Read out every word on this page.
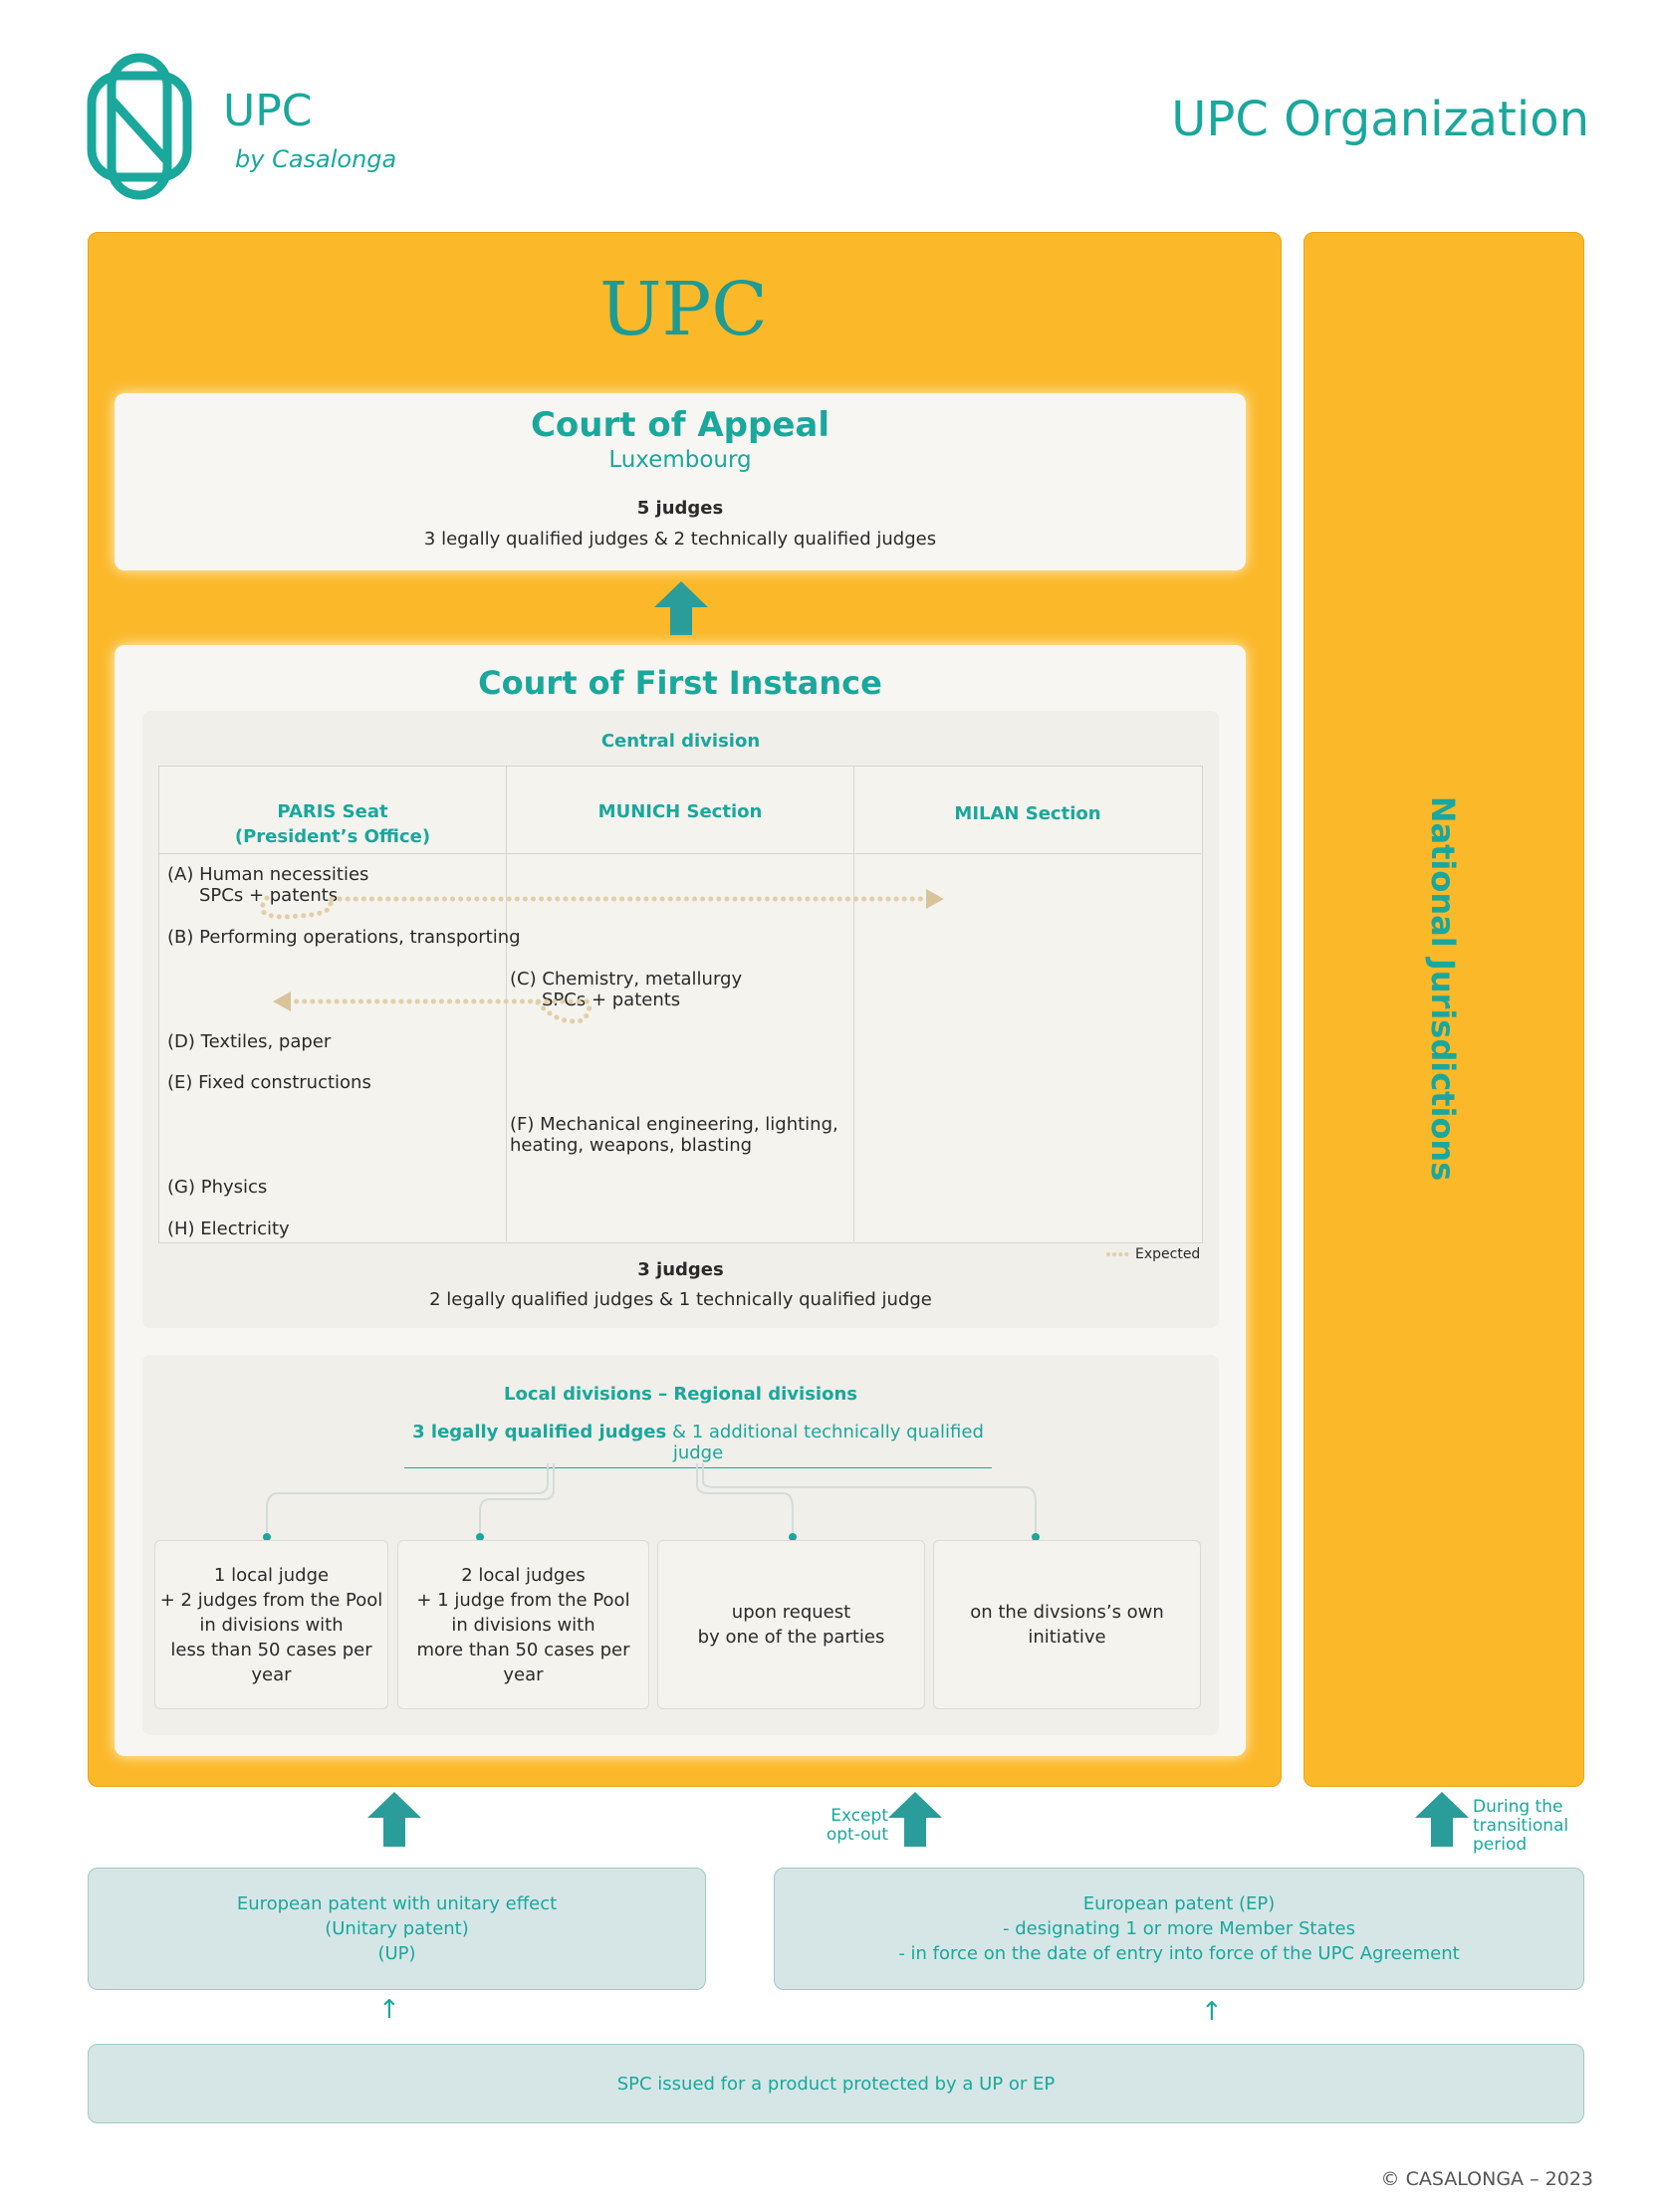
UPC
by Casalonga
UPC Organization
UPC
National Jurisdictions
Court of Appeal
Luxembourg
5 judges
3 legally qualified judges & 2 technically qualified judges
Court of First Instance
Central division
PARIS Seat
(President’s Office)
MUNICH Section	MILAN Section
(A) Human necessities
SPCs + patents
(B) Performing operations, transporting
(C) Chemistry, metallurgy
SPCs + patents
(D) Textiles, paper
(E) Fixed constructions
(F) Mechanical engineering, lighting,
heating, weapons, blasting
(G) Physics
(H) Electricity
Expected
3 judges
2 legally qualified judges & 1 technically qualified judge
Local divisions – Regional divisions
3 legally qualified judges & 1 additional technically qualified judge
1 local judge
+ 2 judges from the Pool
in divisions with
less than 50 cases per year
2 local judges
+ 1 judge from the Pool
in divisions with
more than 50 cases per year
upon request
by one of the parties
on the divsions’s own initiative
Except
opt-out
During the
transitional
period
European patent with unitary effect
(Unitary patent)
(UP)
European patent (EP)
- designating 1 or more Member States
- in force on the date of entry into force of the UPC Agreement
↑	↑
SPC issued for a product protected by a UP or EP
© CASALONGA – 2023
